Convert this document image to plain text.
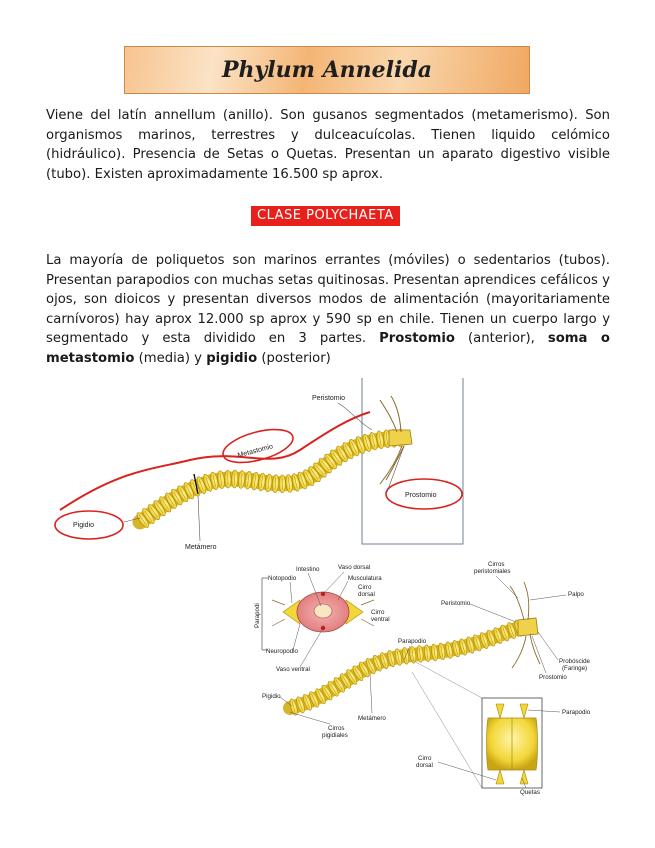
Phylum Annelida

Viene del latín annellum (anillo). Son gusanos segmentados (metamerismo). Son organismos marinos, terrestres y dulceacuícolas. Tienen liquido celómico (hidráulico). Presencia de Setas o Quetas. Presentan un aparato digestivo visible (tubo). Existen aproximadamente 16.500 sp aprox.

CLASE POLYCHAETA

La mayoría de poliquetos son marinos errantes (móviles) o sedentarios (tubos). Presentan parapodios con muchas setas quitinosas. Presentan aprendices cefálicos y ojos, son dioicos y presentan diversos modos de alimentación (mayoritariamente carnívoros) hay aprox 12.000 sp aprox y 590 sp en chile. Tienen un cuerpo largo y segmentado y esta dividido en 3 partes. Prostomio (anterior), soma o metastomio (media) y pigidio (posterior)

Pigidio
Metastomio
Prostomio
Peristomio
Metámero
Parapodi
Intestino	Vaso dorsal
Notopodio	Musculatura
Cirro
dorsal
Cirro
ventral
Neuropodio
Vaso ventral
Cirros
peristomiales
Peristomio
Palpo
Parapodio
Probóscide
(Faringe)
Prostomio
Pigidio
Metámero
Cirros
pigidiales
Parapodio
Cirro
dorsal
Quetas
